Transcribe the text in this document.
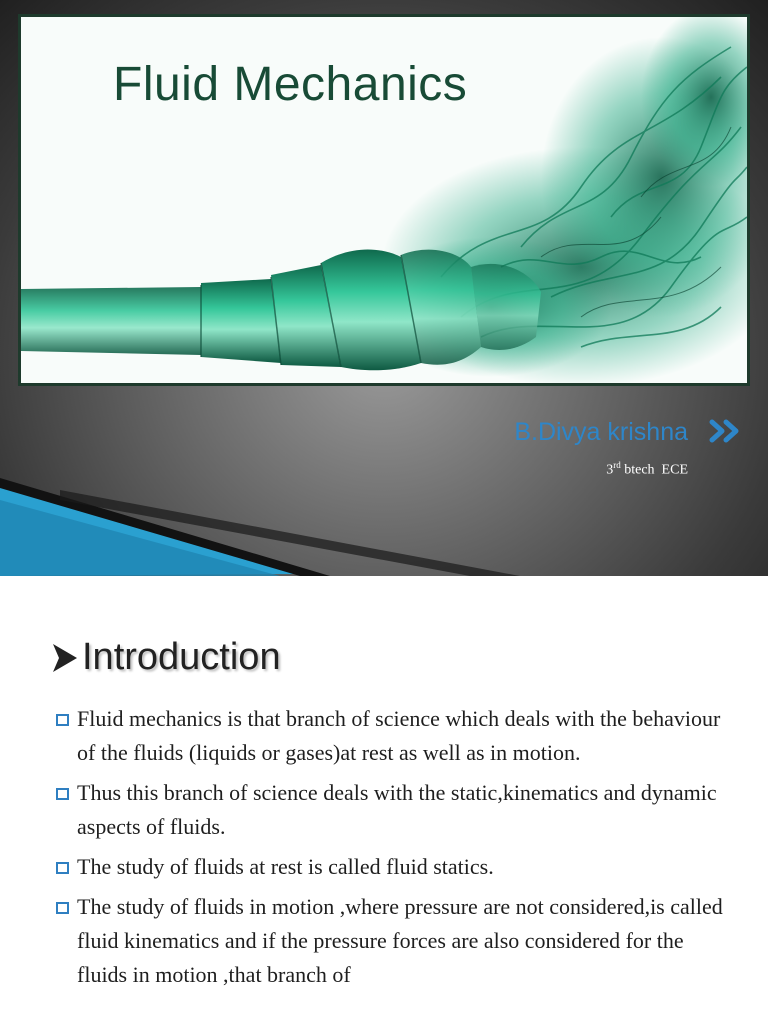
Fluid Mechanics
B.Divya krishna
3rd btech  ECE
Introduction
Fluid mechanics is that branch of science which deals with the behaviour of the fluids (liquids or gases)at rest as well as in motion.
Thus this branch of science deals with the static,kinematics and dynamic aspects of fluids.
The study of fluids at rest is called fluid statics.
The study of fluids in motion ,where pressure are not considered,is called fluid kinematics and if the pressure forces are also considered for the fluids in motion ,that branch of
